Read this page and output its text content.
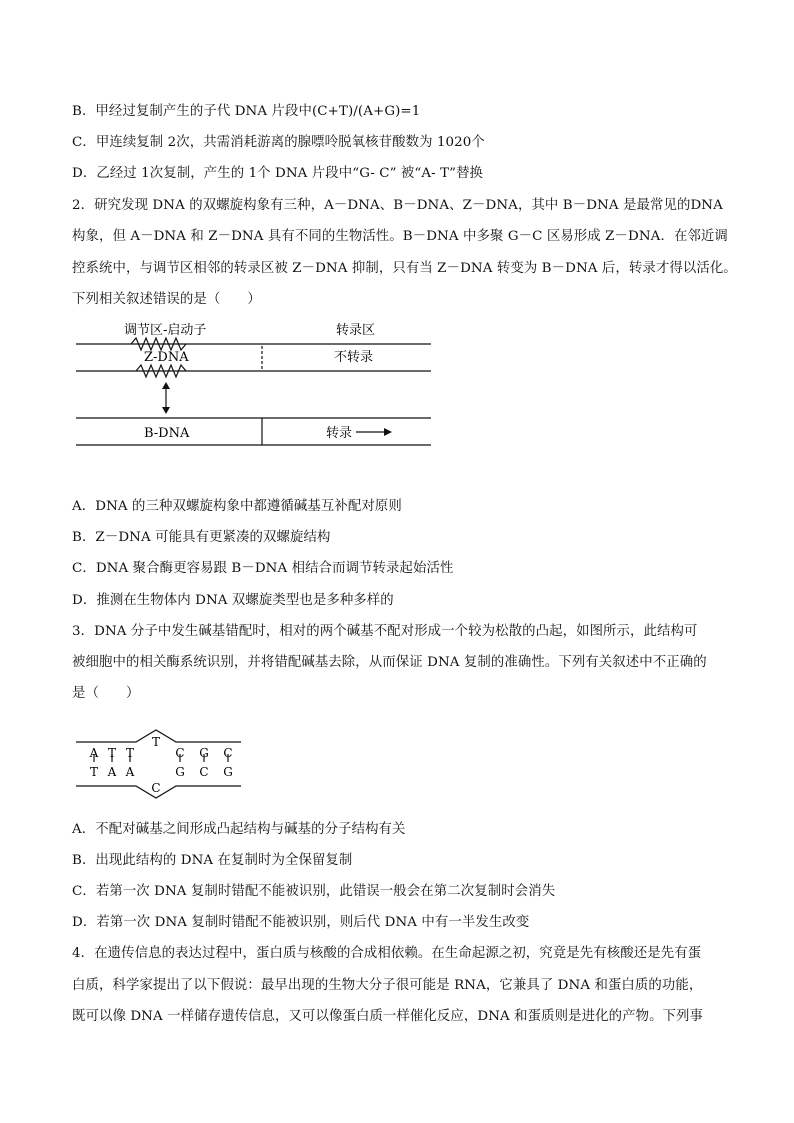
B．甲经过复制产生的子代 DNA 片段中(C+T)/(A+G)=1
C．甲连续复制 2次，共需消耗游离的腺嘌呤脱氧核苷酸数为 1020个
D．乙经过 1次复制，产生的 1个 DNA 片段中“G- C” 被“A- T”替换
2．研究发现 DNA 的双螺旋构象有三种，A－DNA、B－DNA、Z－DNA，其中 B－DNA 是最常见的DNA
构象，但 A－DNA 和 Z－DNA 具有不同的生物活性。B－DNA 中多聚 G－C 区易形成 Z－DNA．在邻近调
控系统中，与调节区相邻的转录区被 Z－DNA 抑制，只有当 Z－DNA 转变为 B－DNA 后，转录才得以活化。
下列相关叙述错误的是（　　）
调节区-启动子	转录区
Z-DNA	不转录
B-DNA	转录
A．DNA 的三种双螺旋构象中都遵循碱基互补配对原则
B．Z－DNA 可能具有更紧凑的双螺旋结构
C．DNA 聚合酶更容易跟 B－DNA 相结合而调节转录起始活性
D．推测在生物体内 DNA 双螺旋类型也是多种多样的
3．DNA 分子中发生碱基错配时，相对的两个碱基不配对形成一个较为松散的凸起，如图所示，此结构可
被细胞中的相关酶系统识别，并将错配碱基去除，从而保证 DNA 复制的准确性。下列有关叙述中不正确的
是（　　）
A T T
T
C G C
T A A
C
G C G
A．不配对碱基之间形成凸起结构与碱基的分子结构有关
B．出现此结构的 DNA 在复制时为全保留复制
C．若第一次 DNA 复制时错配不能被识别，此错误一般会在第二次复制时会消失
D．若第一次 DNA 复制时错配不能被识别，则后代 DNA 中有一半发生改变
4．在遗传信息的表达过程中，蛋白质与核酸的合成相依赖。在生命起源之初，究竟是先有核酸还是先有蛋
白质，科学家提出了以下假说：最早出现的生物大分子很可能是 RNA，它兼具了 DNA 和蛋白质的功能，
既可以像 DNA 一样储存遗传信息，又可以像蛋白质一样催化反应，DNA 和蛋质则是进化的产物。下列事
